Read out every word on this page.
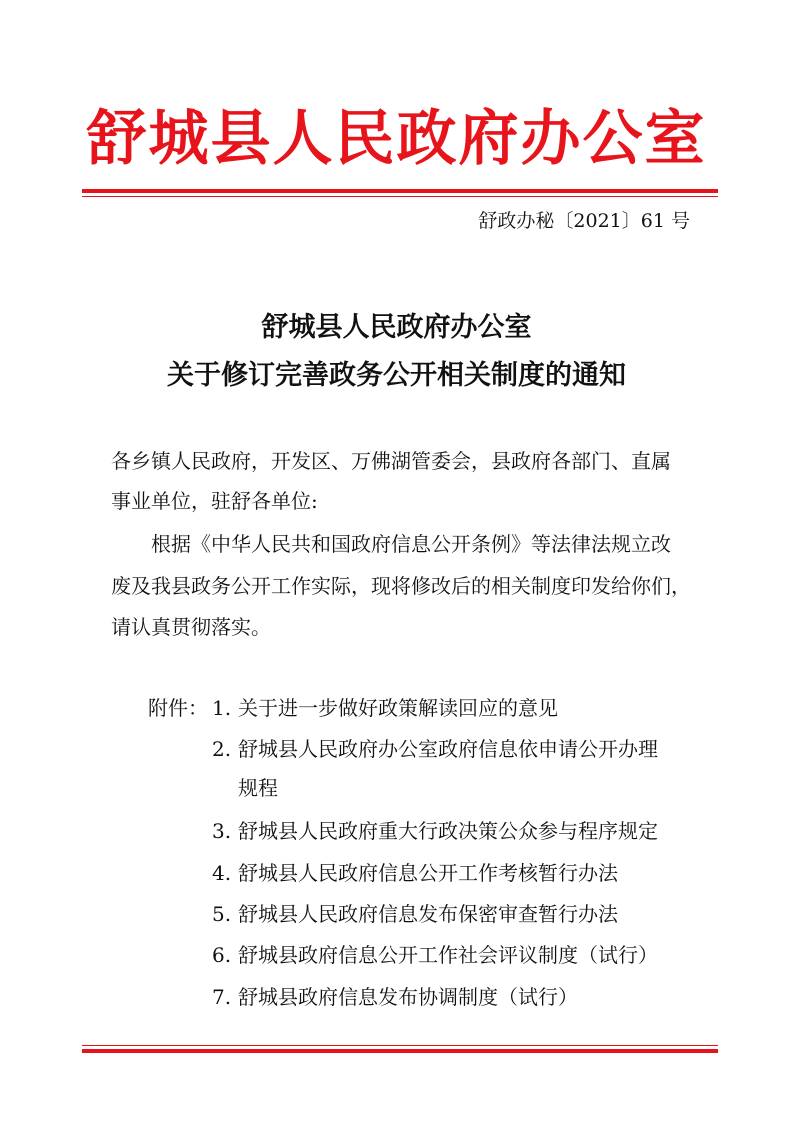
舒城县人民政府办公室
舒政办秘〔2021〕61 号
舒城县人民政府办公室
关于修订完善政务公开相关制度的通知
各乡镇人民政府，开发区、万佛湖管委会，县政府各部门、直属
事业单位，驻舒各单位:
根据《中华人民共和国政府信息公开条例》等法律法规立改
废及我县政务公开工作实际，现将修改后的相关制度印发给你们，
请认真贯彻落实。
附件： 1. 关于进一步做好政策解读回应的意见
2. 舒城县人民政府办公室政府信息依申请公开办理
规程
3. 舒城县人民政府重大行政决策公众参与程序规定
4. 舒城县人民政府信息公开工作考核暂行办法
5. 舒城县人民政府信息发布保密审查暂行办法
6. 舒城县政府信息公开工作社会评议制度（试行）
7. 舒城县政府信息发布协调制度（试行）
